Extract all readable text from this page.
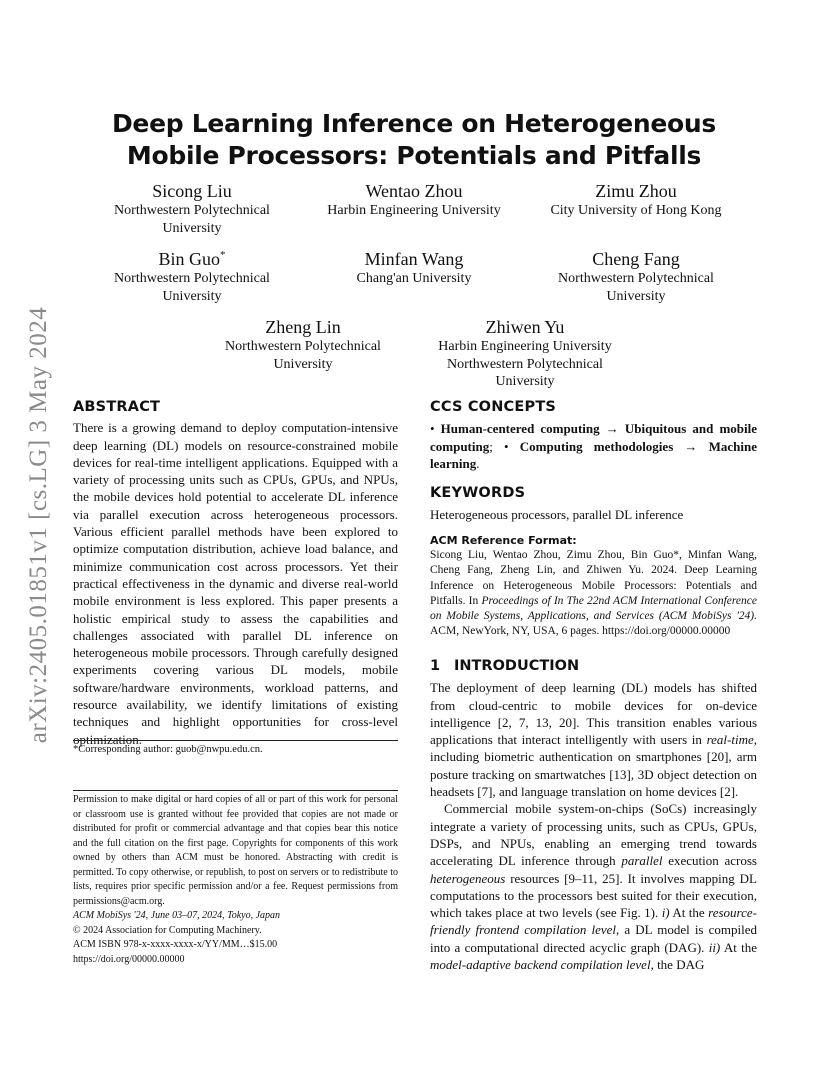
arXiv:2405.01851v1 [cs.LG] 3 May 2024
Deep Learning Inference on Heterogeneous Mobile Processors: Potentials and Pitfalls
Sicong Liu
Northwestern Polytechnical
University
Wentao Zhou
Harbin Engineering University
Zimu Zhou
City University of Hong Kong
Bin Guo*
Northwestern Polytechnical
University
Minfan Wang
Chang'an University
Cheng Fang
Northwestern Polytechnical
University
Zheng Lin
Northwestern Polytechnical
University
Zhiwen Yu
Harbin Engineering University
Northwestern Polytechnical
University
ABSTRACT

There is a growing demand to deploy computation-intensive deep learning (DL) models on resource-constrained mobile devices for real-time intelligent applications. Equipped with a variety of processing units such as CPUs, GPUs, and NPUs, the mobile devices hold potential to accelerate DL inference via parallel execution across heterogeneous processors. Various efficient parallel methods have been explored to optimize computation distribution, achieve load balance, and minimize communication cost across processors. Yet their practical effectiveness in the dynamic and diverse real-world mobile environment is less explored. This paper presents a holistic empirical study to assess the capabilities and challenges associated with parallel DL inference on heterogeneous mobile processors. Through carefully designed experiments covering various DL models, mobile software/hardware environments, workload patterns, and resource availability, we identify limitations of existing techniques and highlight opportunities for cross-level optimization.

*Corresponding author: guob@nwpu.edu.cn.

Permission to make digital or hard copies of all or part of this work for personal or classroom use is granted without fee provided that copies are not made or distributed for profit or commercial advantage and that copies bear this notice and the full citation on the first page. Copyrights for components of this work owned by others than ACM must be honored. Abstracting with credit is permitted. To copy otherwise, or republish, to post on servers or to redistribute to lists, requires prior specific permission and/or a fee. Request permissions from permissions@acm.org.

ACM MobiSys '24, June 03–07, 2024, Tokyo, Japan

© 2024 Association for Computing Machinery.

ACM ISBN 978-x-xxxx-xxxx-x/YY/MM…$15.00

https://doi.org/00000.00000

CCS CONCEPTS

• Human-centered computing → Ubiquitous and mobile computing; • Computing methodologies → Machine learning.

KEYWORDS

Heterogeneous processors, parallel DL inference

ACM Reference Format:

Sicong Liu, Wentao Zhou, Zimu Zhou, Bin Guo*, Minfan Wang, Cheng Fang, Zheng Lin, and Zhiwen Yu. 2024. Deep Learning Inference on Heterogeneous Mobile Processors: Potentials and Pitfalls. In Proceedings of In The 22nd ACM International Conference on Mobile Systems, Applications, and Services (ACM MobiSys '24). ACM, NewYork, NY, USA, 6 pages. https://doi.org/00000.00000

1 INTRODUCTION

The deployment of deep learning (DL) models has shifted from cloud-centric to mobile devices for on-device intelligence [2, 7, 13, 20]. This transition enables various applications that interact intelligently with users in real-time, including biometric authentication on smartphones [20], arm posture tracking on smartwatches [13], 3D object detection on headsets [7], and language translation on home devices [2].

Commercial mobile system-on-chips (SoCs) increasingly integrate a variety of processing units, such as CPUs, GPUs, DSPs, and NPUs, enabling an emerging trend towards accelerating DL inference through parallel execution across heterogeneous resources [9–11, 25]. It involves mapping DL computations to the processors best suited for their execution, which takes place at two levels (see Fig. 1). i) At the resource-friendly frontend compilation level, a DL model is compiled into a computational directed acyclic graph (DAG). ii) At the model-adaptive backend compilation level, the DAG
